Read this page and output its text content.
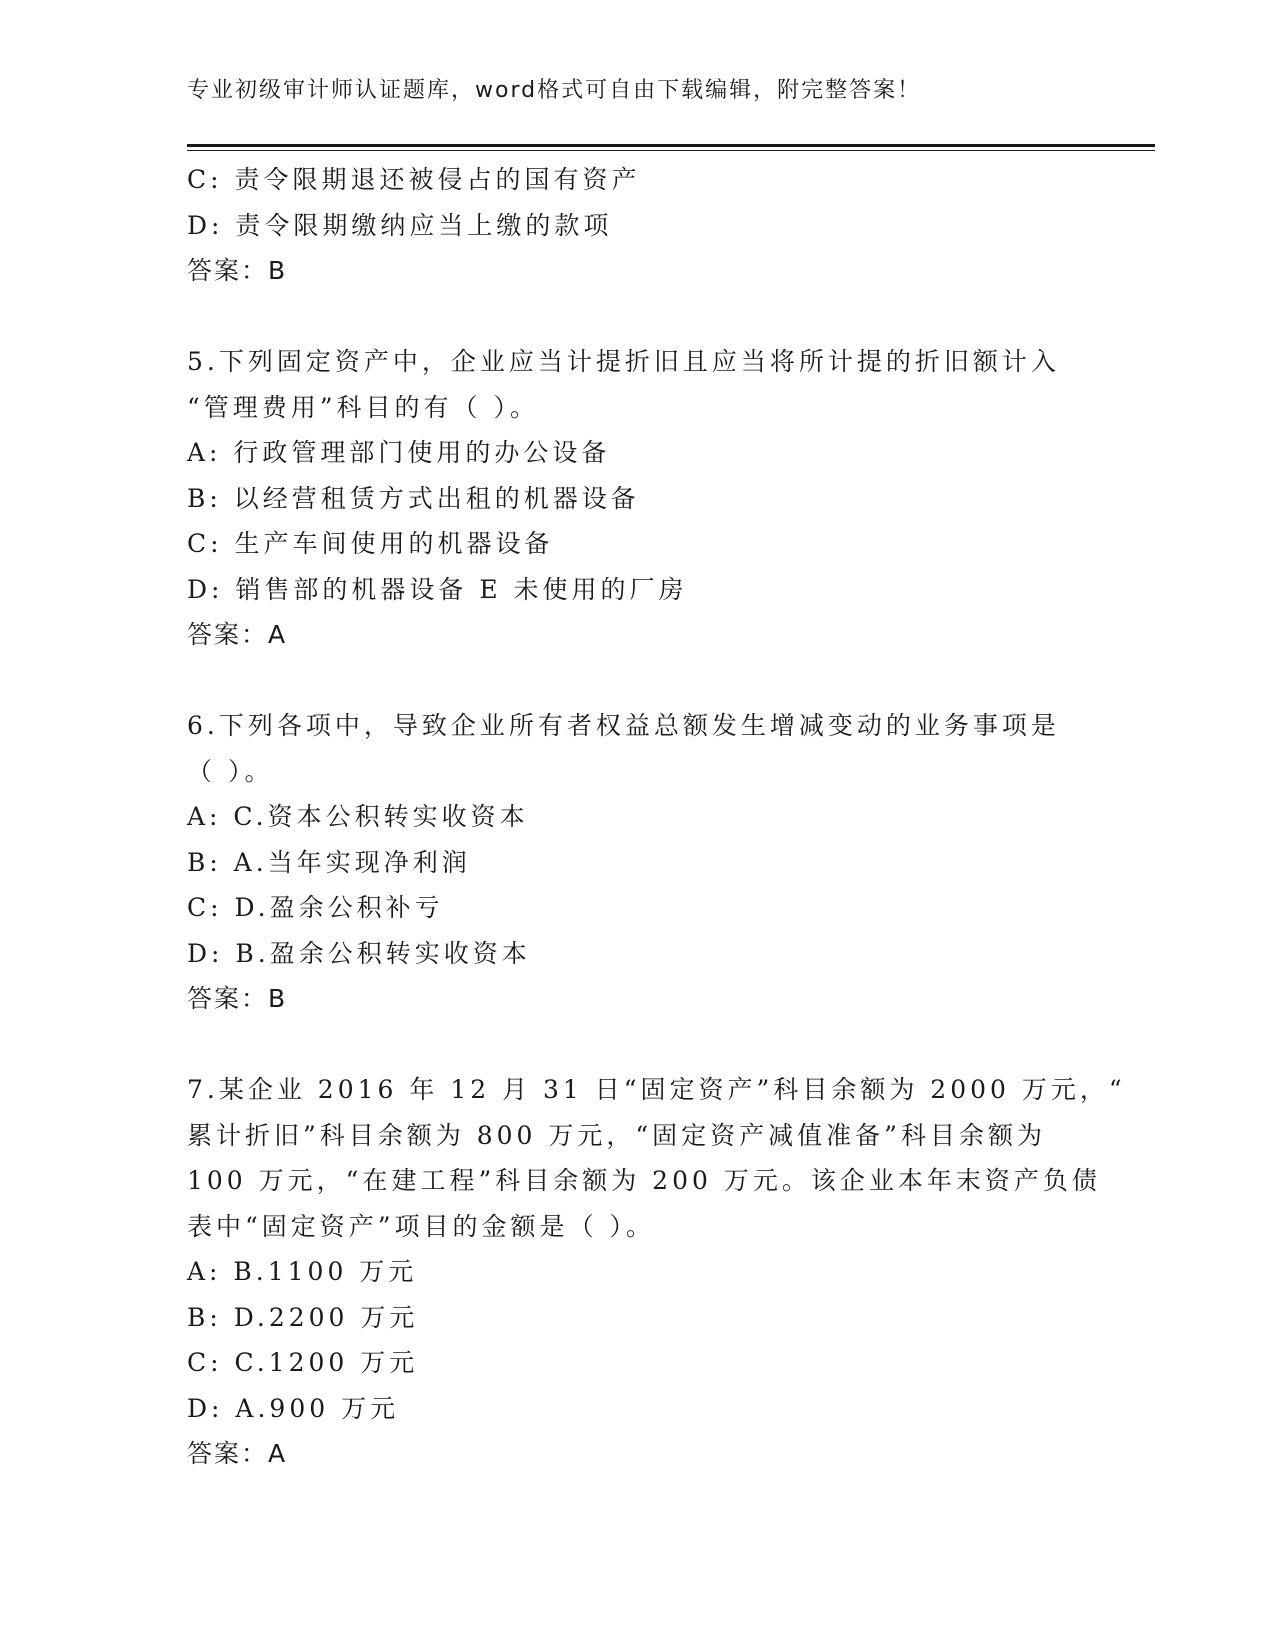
专业初级审计师认证题库，word格式可自由下载编辑，附完整答案！
C: 责令限期退还被侵占的国有资产
D: 责令限期缴纳应当上缴的款项
答案：B
5.下列固定资产中，企业应当计提折旧且应当将所计提的折旧额计入
“管理费用”科目的有（ ）。
A: 行政管理部门使用的办公设备
B: 以经营租赁方式出租的机器设备
C: 生产车间使用的机器设备
D: 销售部的机器设备 E 未使用的厂房
答案：A
6.下列各项中，导致企业所有者权益总额发生增减变动的业务事项是
（ ）。
A: C.资本公积转实收资本
B: A.当年实现净利润
C: D.盈余公积补亏
D: B.盈余公积转实收资本
答案：B
7.某企业 2016 年 12 月 31 日“固定资产”科目余额为 2000 万元，“
累计折旧”科目余额为 800 万元，“固定资产减值准备”科目余额为
100 万元，“在建工程”科目余额为 200 万元。该企业本年末资产负债
表中“固定资产”项目的金额是（ ）。
A: B.1100 万元
B: D.2200 万元
C: C.1200 万元
D: A.900 万元
答案：A
